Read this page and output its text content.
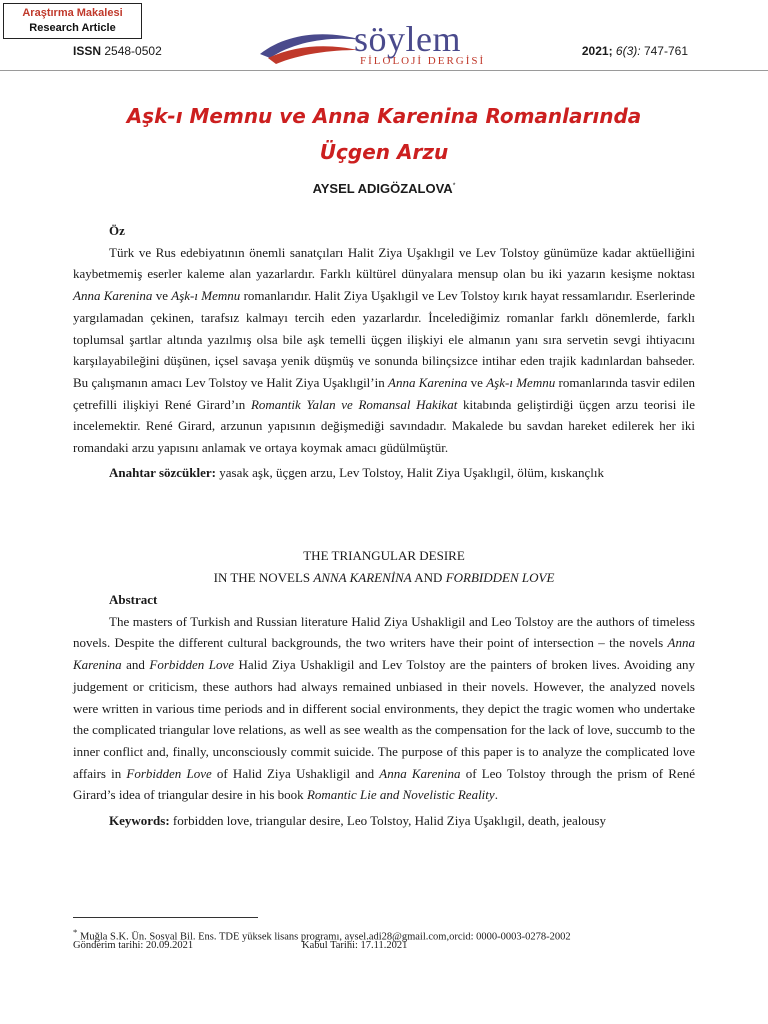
Araştırma Makalesi
Research Article
ISSN 2548-0502	söylem
FİLOLOJİ DERGİSİ
2021; 6(3): 747-761
Aşk-ı Memnu ve Anna Karenina Romanlarında
Üçgen Arzu
AYSEL ADIGÖZALOVA*
Öz

Türk ve Rus edebiyatının önemli sanatçıları Halit Ziya Uşaklıgil ve Lev Tolstoy günümüze kadar aktüelliğini kaybetmemiş eserler kaleme alan yazarlardır. Farklı kültürel dünyalara mensup olan bu iki yazarın kesişme noktası Anna Karenina ve Aşk-ı Memnu romanlarıdır. Halit Ziya Uşaklıgil ve Lev Tolstoy kırık hayat ressamlarıdır. Eserlerinde yargılamadan çekinen, tarafsız kalmayı tercih eden yazarlardır. İncelediğimiz romanlar farklı dönemlerde, farklı toplumsal şartlar altında yazılmış olsa bile aşk temelli üçgen ilişkiyi ele almanın yanı sıra servetin sevgi ihtiyacını karşılayabileğini düşünen, içsel savaşa yenik düşmüş ve sonunda bilinçsizce intihar eden trajik kadınlardan bahseder. Bu çalışmanın amacı Lev Tolstoy ve Halit Ziya Uşaklıgil’in Anna Karenina ve Aşk-ı Memnu romanlarında tasvir edilen çetrefilli ilişkiyi René Girard’ın Romantik Yalan ve Romansal Hakikat kitabında geliştirdiği üçgen arzu teorisi ile incelemektir. René Girard, arzunun yapısının değişmediği savındadır. Makalede bu savdan hareket edilerek her iki romandaki arzu yapısını anlamak ve ortaya koymak amacı güdülmüştür.

Anahtar sözcükler: yasak aşk, üçgen arzu, Lev Tolstoy, Halit Ziya Uşaklıgil, ölüm, kıskançlık

THE TRIANGULAR DESIRE
IN THE NOVELS ANNA KARENİNA AND FORBIDDEN LOVE
Abstract

The masters of Turkish and Russian literature Halid Ziya Ushakligil and Leo Tolstoy are the authors of timeless novels. Despite the different cultural backgrounds, the two writers have their point of intersection – the novels Anna Karenina and Forbidden Love Halid Ziya Ushakligil and Lev Tolstoy are the painters of broken lives. Avoiding any judgement or criticism, these authors had always remained unbiased in their novels. However, the analyzed novels were written in various time periods and in different social environments, they depict the tragic women who undertake the complicated triangular love relations, as well as see wealth as the compensation for the lack of love, succumb to the inner conflict and, finally, unconsciously commit suicide. The purpose of this paper is to analyze the complicated love affairs in Forbidden Love of Halid Ziya Ushakligil and Anna Karenina of Leo Tolstoy through the prism of René Girard’s idea of triangular desire in his book Romantic Lie and Novelistic Reality.

Keywords: forbidden love, triangular desire, Leo Tolstoy, Halid Ziya Uşaklıgil, death, jealousy

* Muğla S.K. Ün. Sosyal Bil. Ens. TDE yüksek lisans programı, aysel.adi28@gmail.com,orcid: 0000-0003-0278-2002
Gönderim tarihi: 20.09.2021	Kabul Tarihi: 17.11.2021
